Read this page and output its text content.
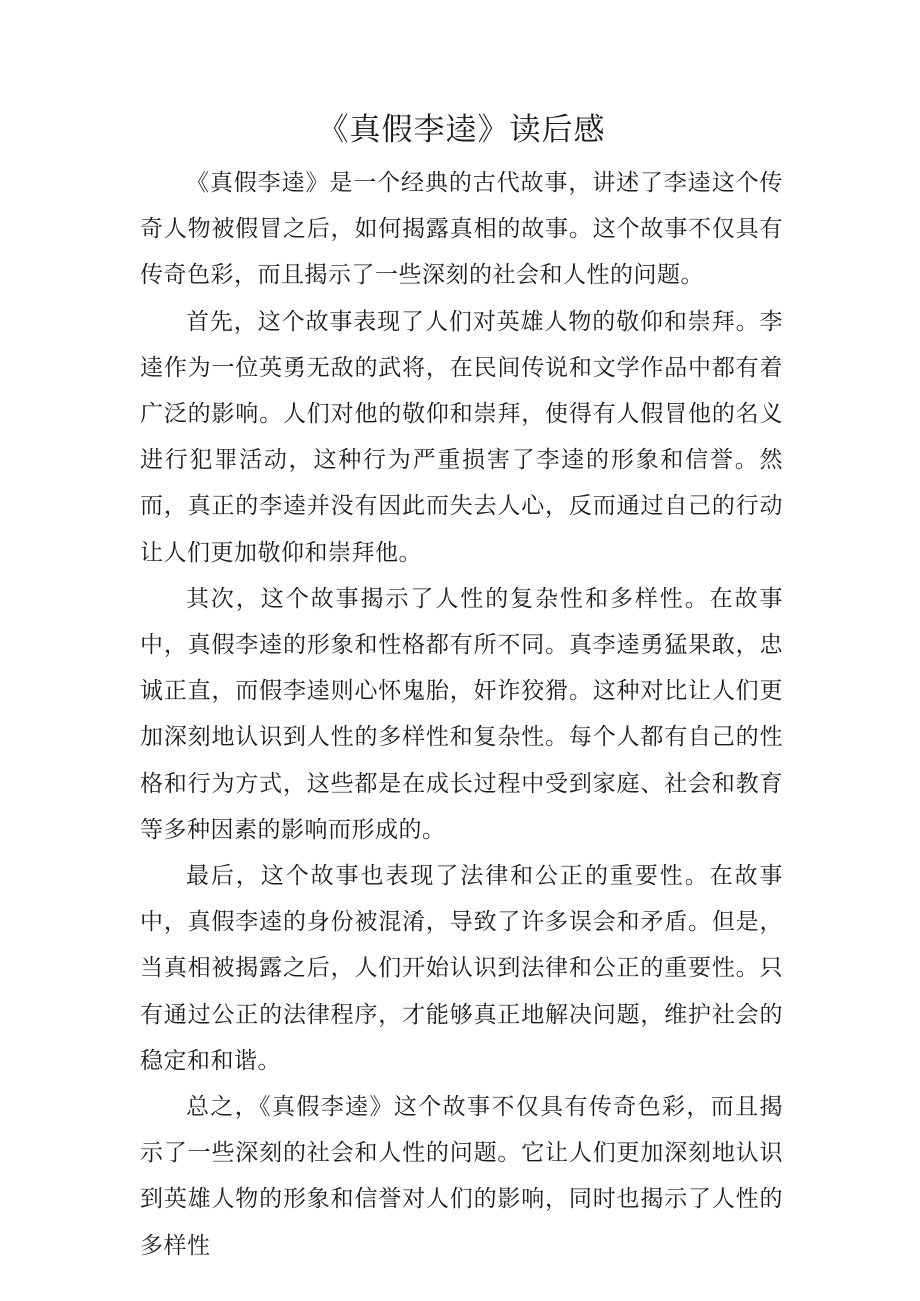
《真假李逵》读后感

《真假李逵》是一个经典的古代故事，讲述了李逵这个传奇人物被假冒之后，如何揭露真相的故事。这个故事不仅具有传奇色彩，而且揭示了一些深刻的社会和人性的问题。

首先，这个故事表现了人们对英雄人物的敬仰和崇拜。李逵作为一位英勇无敌的武将，在民间传说和文学作品中都有着广泛的影响。人们对他的敬仰和崇拜，使得有人假冒他的名义进行犯罪活动，这种行为严重损害了李逵的形象和信誉。然而，真正的李逵并没有因此而失去人心，反而通过自己的行动让人们更加敬仰和崇拜他。

其次，这个故事揭示了人性的复杂性和多样性。在故事中，真假李逵的形象和性格都有所不同。真李逵勇猛果敢，忠诚正直，而假李逵则心怀鬼胎，奸诈狡猾。这种对比让人们更加深刻地认识到人性的多样性和复杂性。每个人都有自己的性格和行为方式，这些都是在成长过程中受到家庭、社会和教育等多种因素的影响而形成的。

最后，这个故事也表现了法律和公正的重要性。在故事中，真假李逵的身份被混淆，导致了许多误会和矛盾。但是，当真相被揭露之后，人们开始认识到法律和公正的重要性。只有通过公正的法律程序，才能够真正地解决问题，维护社会的稳定和和谐。

总之，《真假李逵》这个故事不仅具有传奇色彩，而且揭示了一些深刻的社会和人性的问题。它让人们更加深刻地认识到英雄人物的形象和信誉对人们的影响，同时也揭示了人性的多样性
